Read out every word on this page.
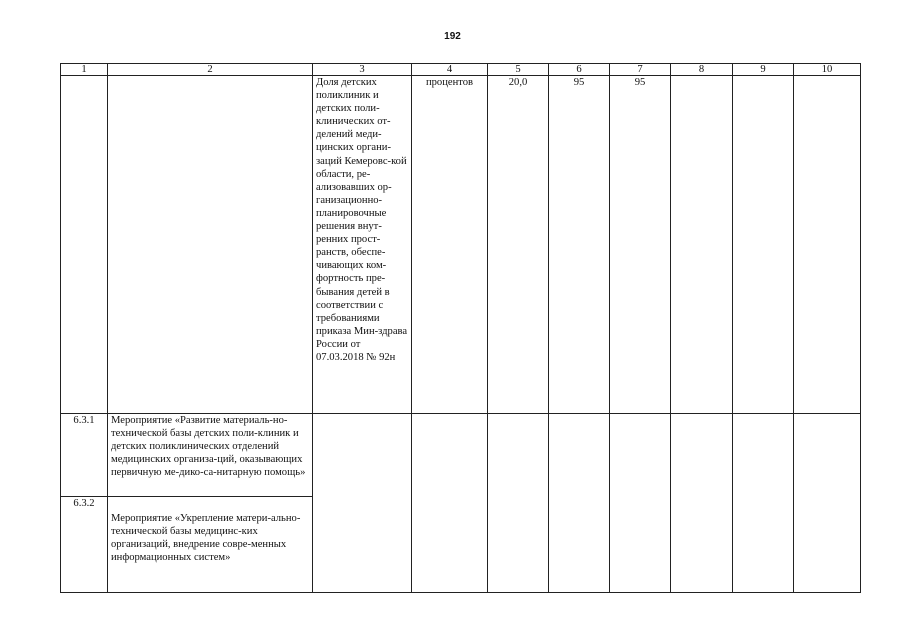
192
1	2	3	4	5	6	7	8	9	10
		Доля детских поликлиник и детских поли-клинических от-делений меди-цинских органи-заций Кемеровс-кой области, ре-ализовавших ор-ганизационно-планировочные решения внут-ренних прост-ранств, обеспе-чивающих ком-фортность пре-бывания детей в соответствии с требованиями приказа Мин-здрава России от 07.03.2018 № 92н	процентов	20,0	95	95			
6.3.1	Мероприятие «Развитие материаль-но-технической базы детских поли-клиник и детских поликлинических отделений медицинских организа-ций, оказывающих первичную ме-дико-са-нитарную помощь»								
6.3.2	Мероприятие «Укрепление матери-ально-технической базы медицинс-ких организаций, внедрение совре-менных информационных систем»								
